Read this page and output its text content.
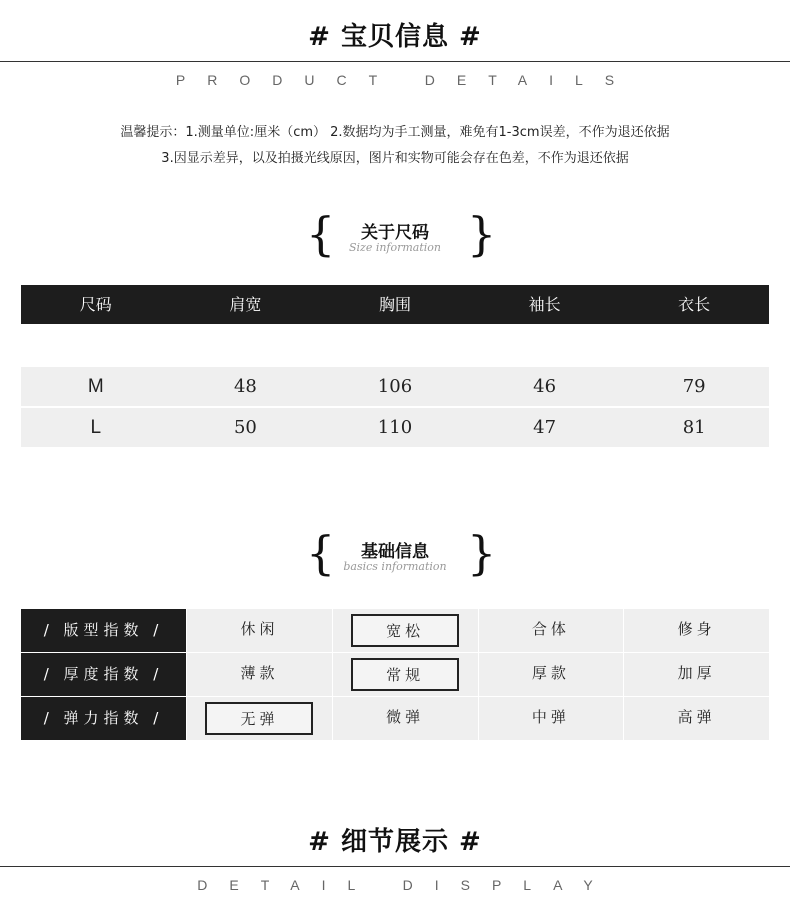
# 宝贝信息 #
PRODUCT DETAILS
温馨提示：1.测量单位:厘米（cm） 2.数据均为手工测量，难免有1-3cm误差，不作为退还依据
3.因显示差异，以及拍摄光线原因，图片和实物可能会存在色差，不作为退还依据
{	}
关于尺码
Size information
尺码	肩宽	胸围	袖长	衣长
M	48	106	46	79
L	50	110	47	81
{	}
基础信息
basics information
/ 版型指数 /	休闲	宽松	合体	修身
/ 厚度指数 /	薄款	常规	厚款	加厚
/ 弹力指数 /	无弹	微弹	中弹	高弹
# 细节展示 #
DETAIL DISPLAY
